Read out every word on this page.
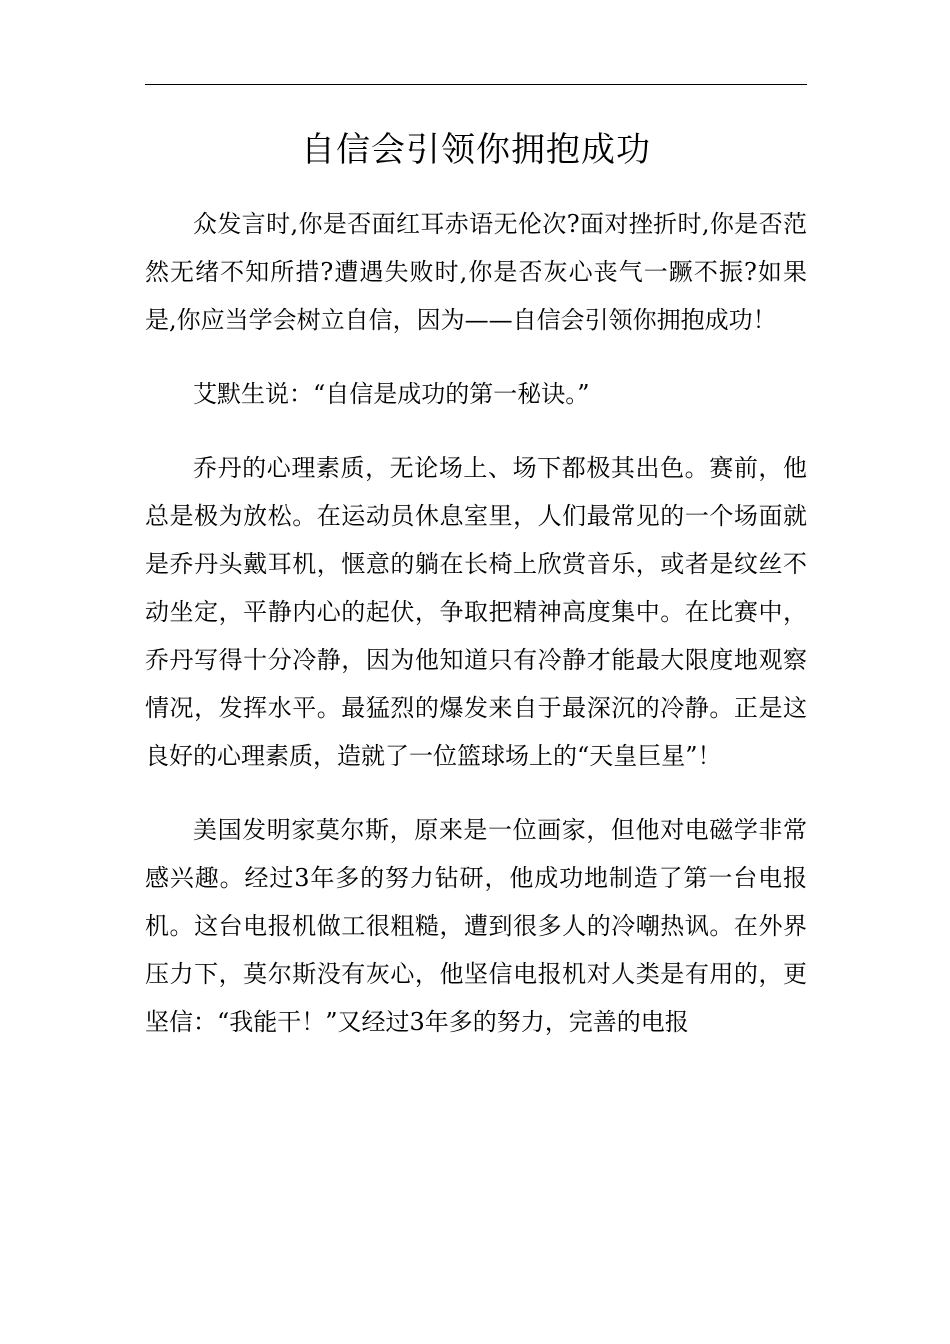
自信会引领你拥抱成功

众发言时,你是否面红耳赤语无伦次?面对挫折时,你是否范然无绪不知所措?遭遇失败时,你是否灰心丧气一蹶不振?如果是,你应当学会树立自信，因为——自信会引领你拥抱成功！

艾默生说：“自信是成功的第一秘诀。”

乔丹的心理素质，无论场上、场下都极其出色。赛前，他总是极为放松。在运动员休息室里，人们最常见的一个场面就是乔丹头戴耳机，惬意的躺在长椅上欣赏音乐，或者是纹丝不动坐定，平静内心的起伏，争取把精神高度集中。在比赛中，乔丹写得十分冷静，因为他知道只有冷静才能最大限度地观察情况，发挥水平。最猛烈的爆发来自于最深沉的冷静。正是这良好的心理素质，造就了一位篮球场上的“天皇巨星”！

美国发明家莫尔斯，原来是一位画家，但他对电磁学非常感兴趣。经过3年多的努力钻研，他成功地制造了第一台电报机。这台电报机做工很粗糙，遭到很多人的冷嘲热讽。在外界压力下，莫尔斯没有灰心，他坚信电报机对人类是有用的，更坚信：“我能干！”又经过3年多的努力，完善的电报
